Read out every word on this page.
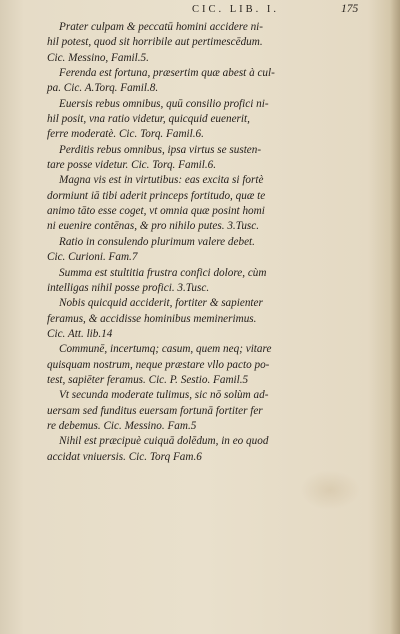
CIC. LIB. I.	175
Prater culpam & peccatū homini accidere ni-
hil potest, quod sit horribile aut pertimescēdum.
Cic. Messino, Famil.5.
Ferenda est fortuna, præsertim quæ abest à cul-
pa. Cic. A.Torq. Famil.8.
Euersis rebus omnibus, quū consilio profici ni-
hil posit, vna ratio videtur, quicquid euenerit,
ferre moderatè. Cic. Torq. Famil.6.
Perditis rebus omnibus, ipsa virtus se susten-
tare posse videtur. Cic. Torq. Famil.6.
Magna vis est in virtutibus: eas excita si fortè
dormiunt iā tibi aderit princeps fortitudo, quæ te
animo tāto esse coget, vt omnia quæ posint homi
ni euenire contēnas, & pro nihilo putes. 3.Tusc.
Ratio in consulendo plurimum valere debet.
Cic. Curioni. Fam.7
Summa est stultitia frustra confici dolore, cùm
intelligas nihil posse profici. 3.Tusc.
Nobis quicquid acciderit, fortiter & sapienter
feramus, & accidisse hominibus meminerimus.
Cic. Att. lib.14
Communē, incertumq; casum, quem neq; vitare
quisquam nostrum, neque præstare vllo pacto po-
test, sapiēter feramus. Cic. P. Sestio. Famil.5
Vt secunda moderate tulimus, sic nō solùm ad-
uersam sed funditus euersam fortunā fortiter fer
re debemus. Cic. Messino. Fam.5
Nihil est præcipuè cuiquā dolēdum, in eo quod
accidat vniuersis. Cic. Torq Fam.6
